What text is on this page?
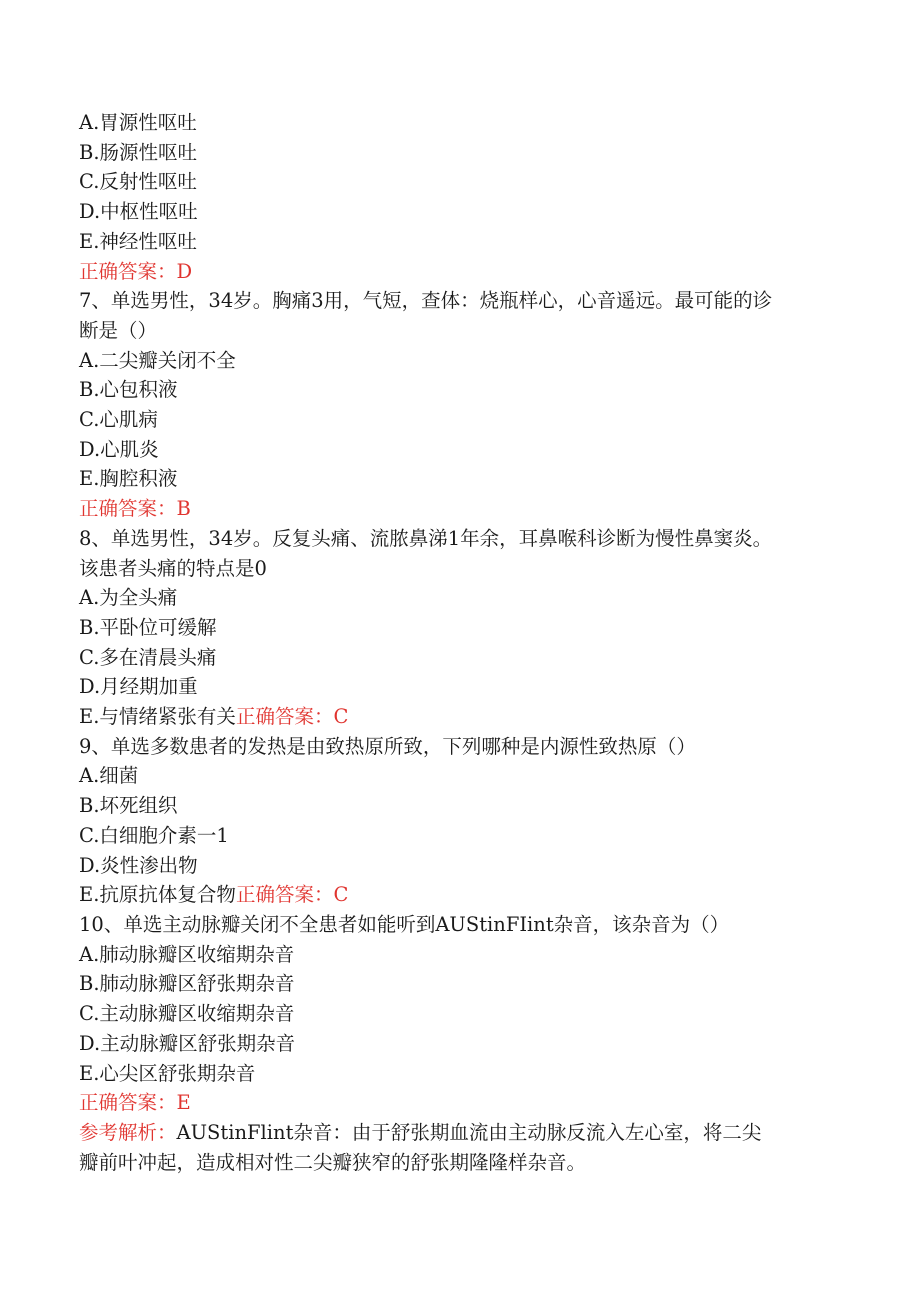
A.胃源性呕吐

B.肠源性呕吐

C.反射性呕吐

D.中枢性呕吐

E.神经性呕吐

正确答案：D

7、单选男性，34岁。胸痛3用，气短，查体：烧瓶样心，心音遥远。最可能的诊

断是（）

A.二尖瓣关闭不全

B.心包积液

C.心肌病

D.心肌炎

E.胸腔积液

正确答案：B

8、单选男性，34岁。反复头痛、流脓鼻涕1年余，耳鼻喉科诊断为慢性鼻窦炎。

该患者头痛的特点是0

A.为全头痛

B.平卧位可缓解

C.多在清晨头痛

D.月经期加重

E.与情绪紧张有关正确答案：C

9、单选多数患者的发热是由致热原所致，下列哪种是内源性致热原（）

A.细菌

B.坏死组织

C.白细胞介素一1

D.炎性渗出物

E.抗原抗体复合物正确答案：C

10、单选主动脉瓣关闭不全患者如能听到AUStinFIint杂音，该杂音为（）

A.肺动脉瓣区收缩期杂音

B.肺动脉瓣区舒张期杂音

C.主动脉瓣区收缩期杂音

D.主动脉瓣区舒张期杂音

E.心尖区舒张期杂音

正确答案：E

参考解析：AUStinFlint杂音：由于舒张期血流由主动脉反流入左心室，将二尖

瓣前叶冲起，造成相对性二尖瓣狭窄的舒张期隆隆样杂音。
